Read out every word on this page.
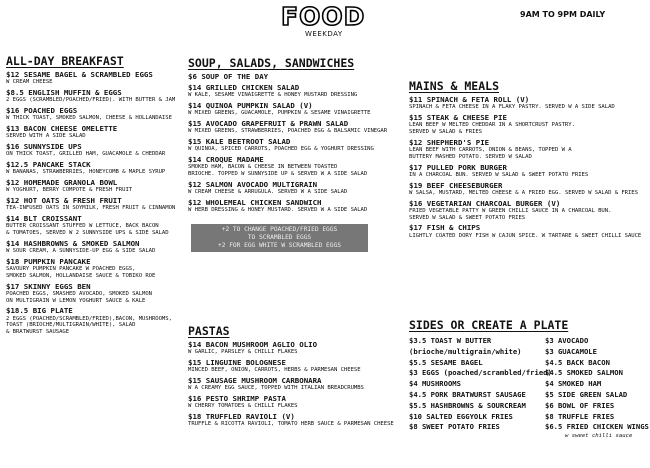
FOOD
WEEKDAY
9AM TO 9PM DAILY
ALL-DAY BREAKFAST
$12 SESAME BAGEL & SCRAMBLED EGGS
W CREAM CHEESE
$8.5 ENGLISH MUFFIN & EGGS
2 EGGS (SCRAMBLED/POACHED/FRIED). WITH BUTTER & JAM
$16 POACHED EGGS
W THICK TOAST, SMOKED SALMON, CHEESE & HOLLANDAISE
$13 BACON CHEESE OMELETTE
SERVED WITH A SIDE SALAD
$16 SUNNYSIDE UPS
ON THICK TOAST, GRILLED HAM, GUACAMOLE & CHEDDAR
$12.5 PANCAKE STACK
W BANANAS, STRAWBERRIES, HONEYCOMB & MAPLE SYRUP
$12 HOMEMADE GRANOLA BOWL
W YOGHURT, BERRY COMPOTE & FRESH FRUIT
$12 HOT OATS & FRESH FRUIT
TEA-INFUSED OATS IN SOYMILK, FRESH FRUIT & CINNAMON
$14 BLT CROISSANT
BUTTER CROISSANT STUFFED W LETTUCE, BACK BACON
& TOMATOES, SERVED W 2 SUNNYSIDE UPS & SIDE SALAD
$14 HASHBROWNS & SMOKED SALMON
W SOUR CREAM, A SUNNYSIDE-UP EGG & SIDE SALAD
$18 PUMPKIN PANCAKE
SAVOURY PUMPKIN PANCAKE W POACHED EGGS,
SMOKED SALMON, HOLLANDAISE SAUCE & TOBIKO ROE
$17 SKINNY EGGS BEN
POACHED EGGS, SMASHED AVOCADO, SMOKED SALMON
ON MULTIGRAIN W LEMON YOGHURT SAUCE & KALE
$18.5 BIG PLATE
2 EGGS (POACHED/SCRAMBLED/FRIED),BACON, MUSHROOMS,
TOAST (BRIOCHE/MULTIGRAIN/WHITE), SALAD
& BRATWURST SAUSAGE
SOUP, SALADS, SANDWICHES
$6 SOUP OF THE DAY
$14 GRILLED CHICKEN SALAD
W KALE, SESAME VINAIGRETTE & HONEY MUSTARD DRESSING
$14 QUINOA PUMPKIN SALAD (V)
W MIXED GREENS, GUACAMOLE, PUMPKIN & SESAME VINAIGRETTE
$15 AVOCADO GRAPEFRUIT & PRAWN SALAD
W MIXED GREENS, STRAWBERRIES, POACHED EGG & BALSAMIC VINEGAR
$15 KALE BEETROOT SALAD
W QUINOA, SPICED CARROTS, POACHED EGG & YOGHURT DRESSING
$14 CROQUE MADAME
SMOKED HAM, BACON & CHEESE IN BETWEEN TOASTED
BRIOCHE. TOPPED W SUNNYSIDE UP & SERVED W A SIDE SALAD
$12 SALMON AVOCADO MULTIGRAIN
W CREAM CHEESE & ARRUGULA. SERVED W A SIDE SALAD
$12 WHOLEMEAL CHICKEN SANDWICH
W HERB DRESSING & HONEY MUSTARD. SERVED W A SIDE SALAD
+2 TO CHANGE POACHED/FRIED EGGS
TO SCRAMBLED EGGS
+2 FOR EGG WHITE W SCRAMBLED EGGS
PASTAS
$14 BACON MUSHROOM AGLIO OLIO
W GARLIC, PARSLEY & CHILLI FLAKES
$15 LINGUINE BOLOGNESE
MINCED BEEF, ONION, CARROTS, HERBS & PARMESAN CHEESE
$15 SAUSAGE MUSHROOM CARBONARA
W A CREAMY EGG SAUCE, TOPPED WITH ITALIAN BREADCRUMBS
$16 PESTO SHRIMP PASTA
W CHERRY TOMATOES & CHILLI FLAKES
$18 TRUFFLED RAVIOLI (V)
TRUFFLE & RICOTTA RAVIOLI, TOMATO HERB SAUCE & PARMESAN CHEESE
MAINS & MEALS
$11 SPINACH & FETA ROLL (V)
SPINACH & FETA CHEESE IN A FLAKY PASTRY. SERVED W A SIDE SALAD
$15 STEAK & CHEESE PIE
LEAN BEEF W MELTED CHEDDAR IN A SHORTCRUST PASTRY.
SERVED W SALAD & FRIES
$12 SHEPHERD'S PIE
LEAN BEEF WITH CARROTS, ONION & BEANS, TOPPED W A
BUTTERY MASHED POTATO. SERVED W SALAD
$17 PULLED PORK BURGER
IN A CHARCOAL BUN. SERVED W SALAD & SWEET POTATO FRIES
$19 BEEF CHEESEBURGER
W SALSA, MUSTARD, MELTED CHEESE & A FRIED EGG. SERVED W SALAD & FRIES
$16 VEGETARIAN CHARCOAL BURGER (V)
FRIED VEGETABLE PATTY W GREEN CHILLI SAUCE IN A CHARCOAL BUN.
SERVED W SALAD & SWEET POTATO FRIES
$17 FISH & CHIPS
LIGHTLY COATED DORY FISH W CAJUN SPICE. W TARTARE & SWEET CHILLI SAUCE
SIDES OR CREATE A PLATE
$3.5 TOAST W BUTTER
(brioche/multigrain/white)
$5.5 SESAME BAGEL
$3 EGGS (poached/scrambled/fried)
$4 MUSHROOMS
$4.5 PORK BRATWURST SAUSAGE
$5.5 HASHBROWNS & SOURCREAM
$10 SALTED EGGYOLK FRIES
$8 SWEET POTATO FRIES
$3 AVOCADO
$3 GUACAMOLE
$4.5 BACK BACON
$4.5 SMOKED SALMON
$4 SMOKED HAM
$5 SIDE GREEN SALAD
$6 BOWL OF FRIES
$8 TRUFFLE FRIES
$6.5 FRIED CHICKEN WINGS
w sweet chilli sauce
